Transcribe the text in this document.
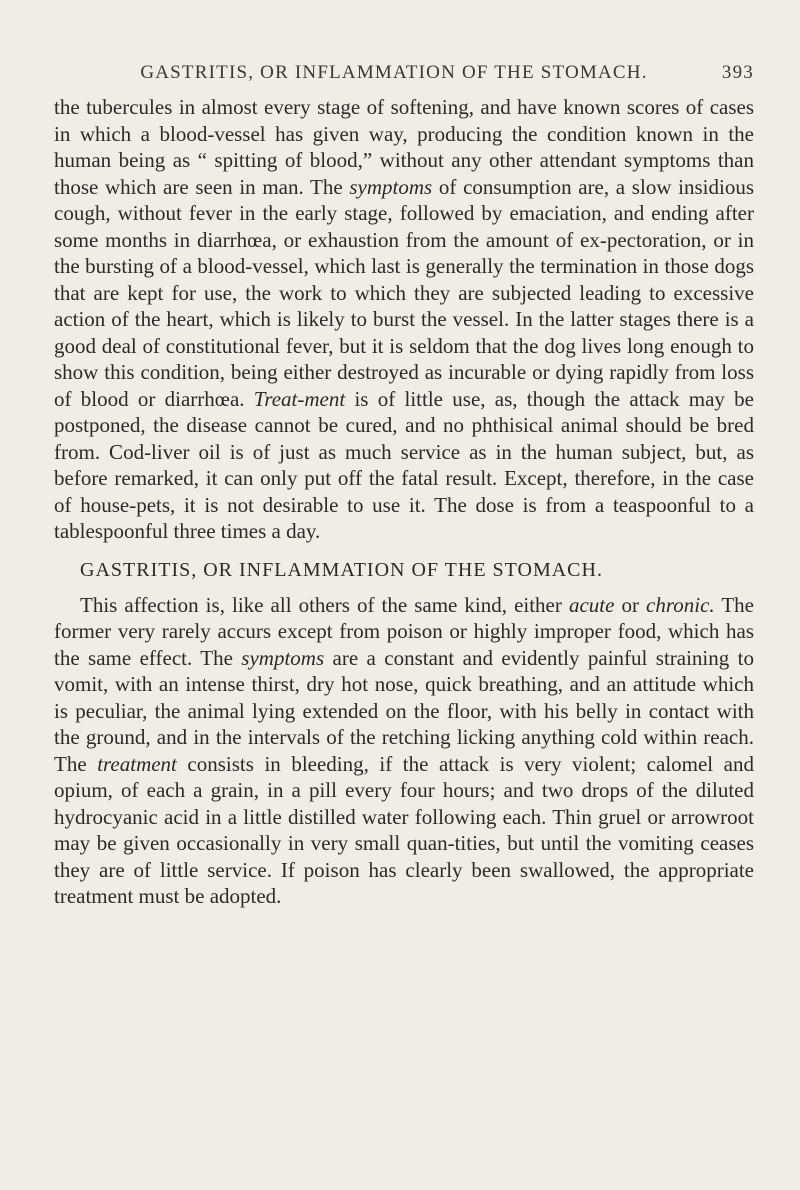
GASTRITIS, OR INFLAMMATION OF THE STOMACH.	393

the tubercules in almost every stage of softening, and have known scores of cases in which a blood-vessel has given way, producing the condition known in the human being as “ spitting of blood,” without any other attendant symptoms than those which are seen in man. The symptoms of consumption are, a slow insidious cough, without fever in the early stage, followed by emaciation, and ending after some months in diarrhœa, or exhaustion from the amount of ex-pectoration, or in the bursting of a blood-vessel, which last is generally the termination in those dogs that are kept for use, the work to which they are subjected leading to excessive action of the heart, which is likely to burst the vessel. In the latter stages there is a good deal of constitutional fever, but it is seldom that the dog lives long enough to show this condition, being either destroyed as incurable or dying rapidly from loss of blood or diarrhœa. Treat-ment is of little use, as, though the attack may be postponed, the disease cannot be cured, and no phthisical animal should be bred from. Cod-liver oil is of just as much service as in the human subject, but, as before remarked, it can only put off the fatal result. Except, therefore, in the case of house-pets, it is not desirable to use it. The dose is from a teaspoonful to a tablespoonful three times a day.

GASTRITIS, OR INFLAMMATION OF THE STOMACH.

This affection is, like all others of the same kind, either acute or chronic. The former very rarely accurs except from poison or highly improper food, which has the same effect. The symptoms are a constant and evidently painful straining to vomit, with an intense thirst, dry hot nose, quick breathing, and an attitude which is peculiar, the animal lying extended on the floor, with his belly in contact with the ground, and in the intervals of the retching licking anything cold within reach. The treatment consists in bleeding, if the attack is very violent; calomel and opium, of each a grain, in a pill every four hours; and two drops of the diluted hydrocyanic acid in a little distilled water following each. Thin gruel or arrowroot may be given occasionally in very small quan-tities, but until the vomiting ceases they are of little service. If poison has clearly been swallowed, the appropriate treatment must be adopted.
